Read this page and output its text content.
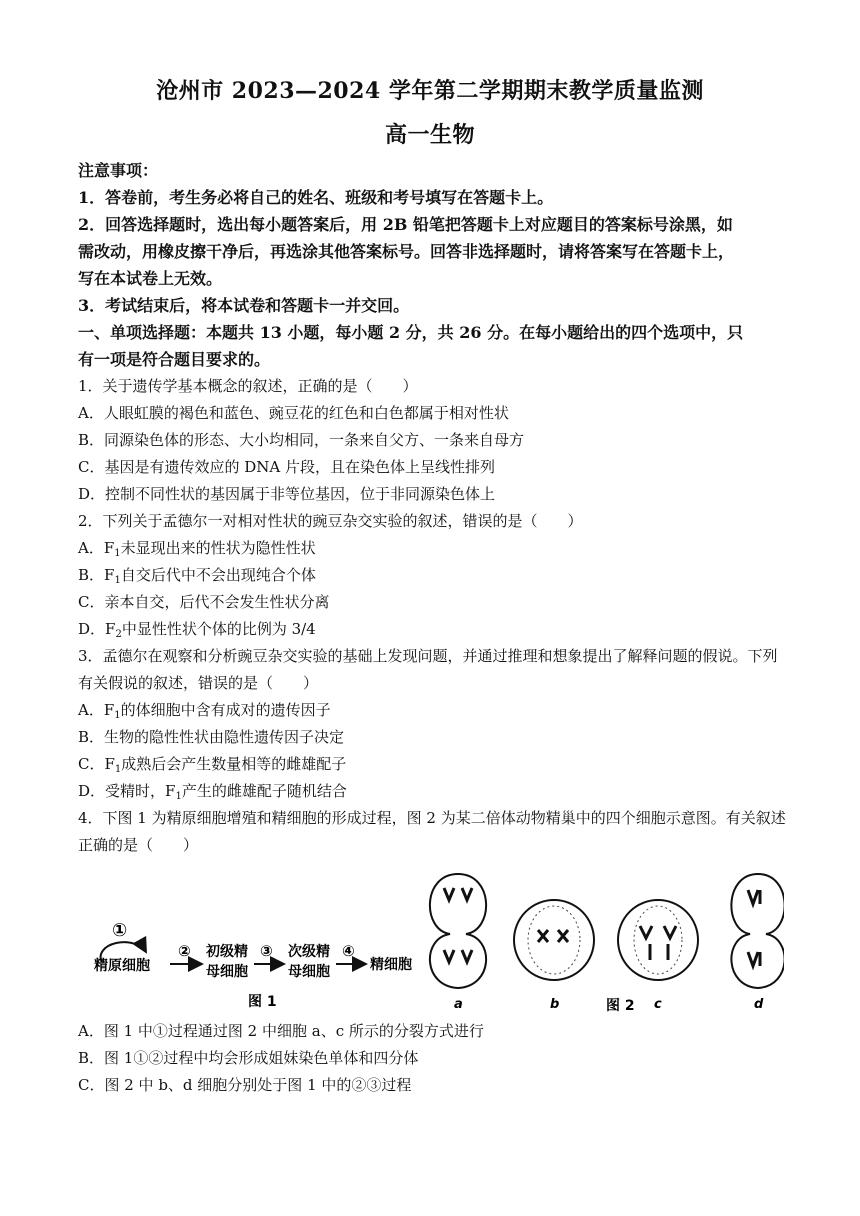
沧州市 2023—2024 学年第二学期期末教学质量监测
高一生物
注意事项：
1．答卷前，考生务必将自己的姓名、班级和考号填写在答题卡上。
2．回答选择题时，选出每小题答案后，用 2B 铅笔把答题卡上对应题目的答案标号涂黑，如
需改动，用橡皮擦干净后，再选涂其他答案标号。回答非选择题时，请将答案写在答题卡上，
写在本试卷上无效。
3．考试结束后，将本试卷和答题卡一并交回。
一、单项选择题：本题共 13 小题，每小题 2 分，共 26 分。在每小题给出的四个选项中，只
有一项是符合题目要求的。
1．关于遗传学基本概念的叙述，正确的是（　　）
A．人眼虹膜的褐色和蓝色、豌豆花的红色和白色都属于相对性状
B．同源染色体的形态、大小均相同，一条来自父方、一条来自母方
C．基因是有遗传效应的 DNA 片段，且在染色体上呈线性排列
D．控制不同性状的基因属于非等位基因，位于非同源染色体上
2．下列关于孟德尔一对相对性状的豌豆杂交实验的叙述，错误的是（　　）
A．$F_1$未显现出来的性状为隐性性状
B．$F_1$自交后代中不会出现纯合个体
C．亲本自交，后代不会发生性状分离
D．$F_2$中显性性状个体的比例为 3/4
3．孟德尔在观察和分析豌豆杂交实验的基础上发现问题，并通过推理和想象提出了解释问题的假说。下列
有关假说的叙述，错误的是（　　）
A．$F_1$的体细胞中含有成对的遗传因子
B．生物的隐性性状由隐性遗传因子决定
C．$F_1$成熟后会产生数量相等的雌雄配子
D．受精时，$F_1$产生的雌雄配子随机结合
4．下图 1 为精原细胞增殖和精细胞的形成过程，图 2 为某二倍体动物精巢中的四个细胞示意图。有关叙述
正确的是（　　）
①
精原细胞
② 初级精
母细胞
③ 次级精
母细胞
④
精细胞
图 1	a	b	c	d
图 2
A．图 1 中①过程通过图 2 中细胞 a、c 所示的分裂方式进行
B．图 1①②过程中均会形成姐妹染色单体和四分体
C．图 2 中 b、d 细胞分别处于图 1 中的②③过程
